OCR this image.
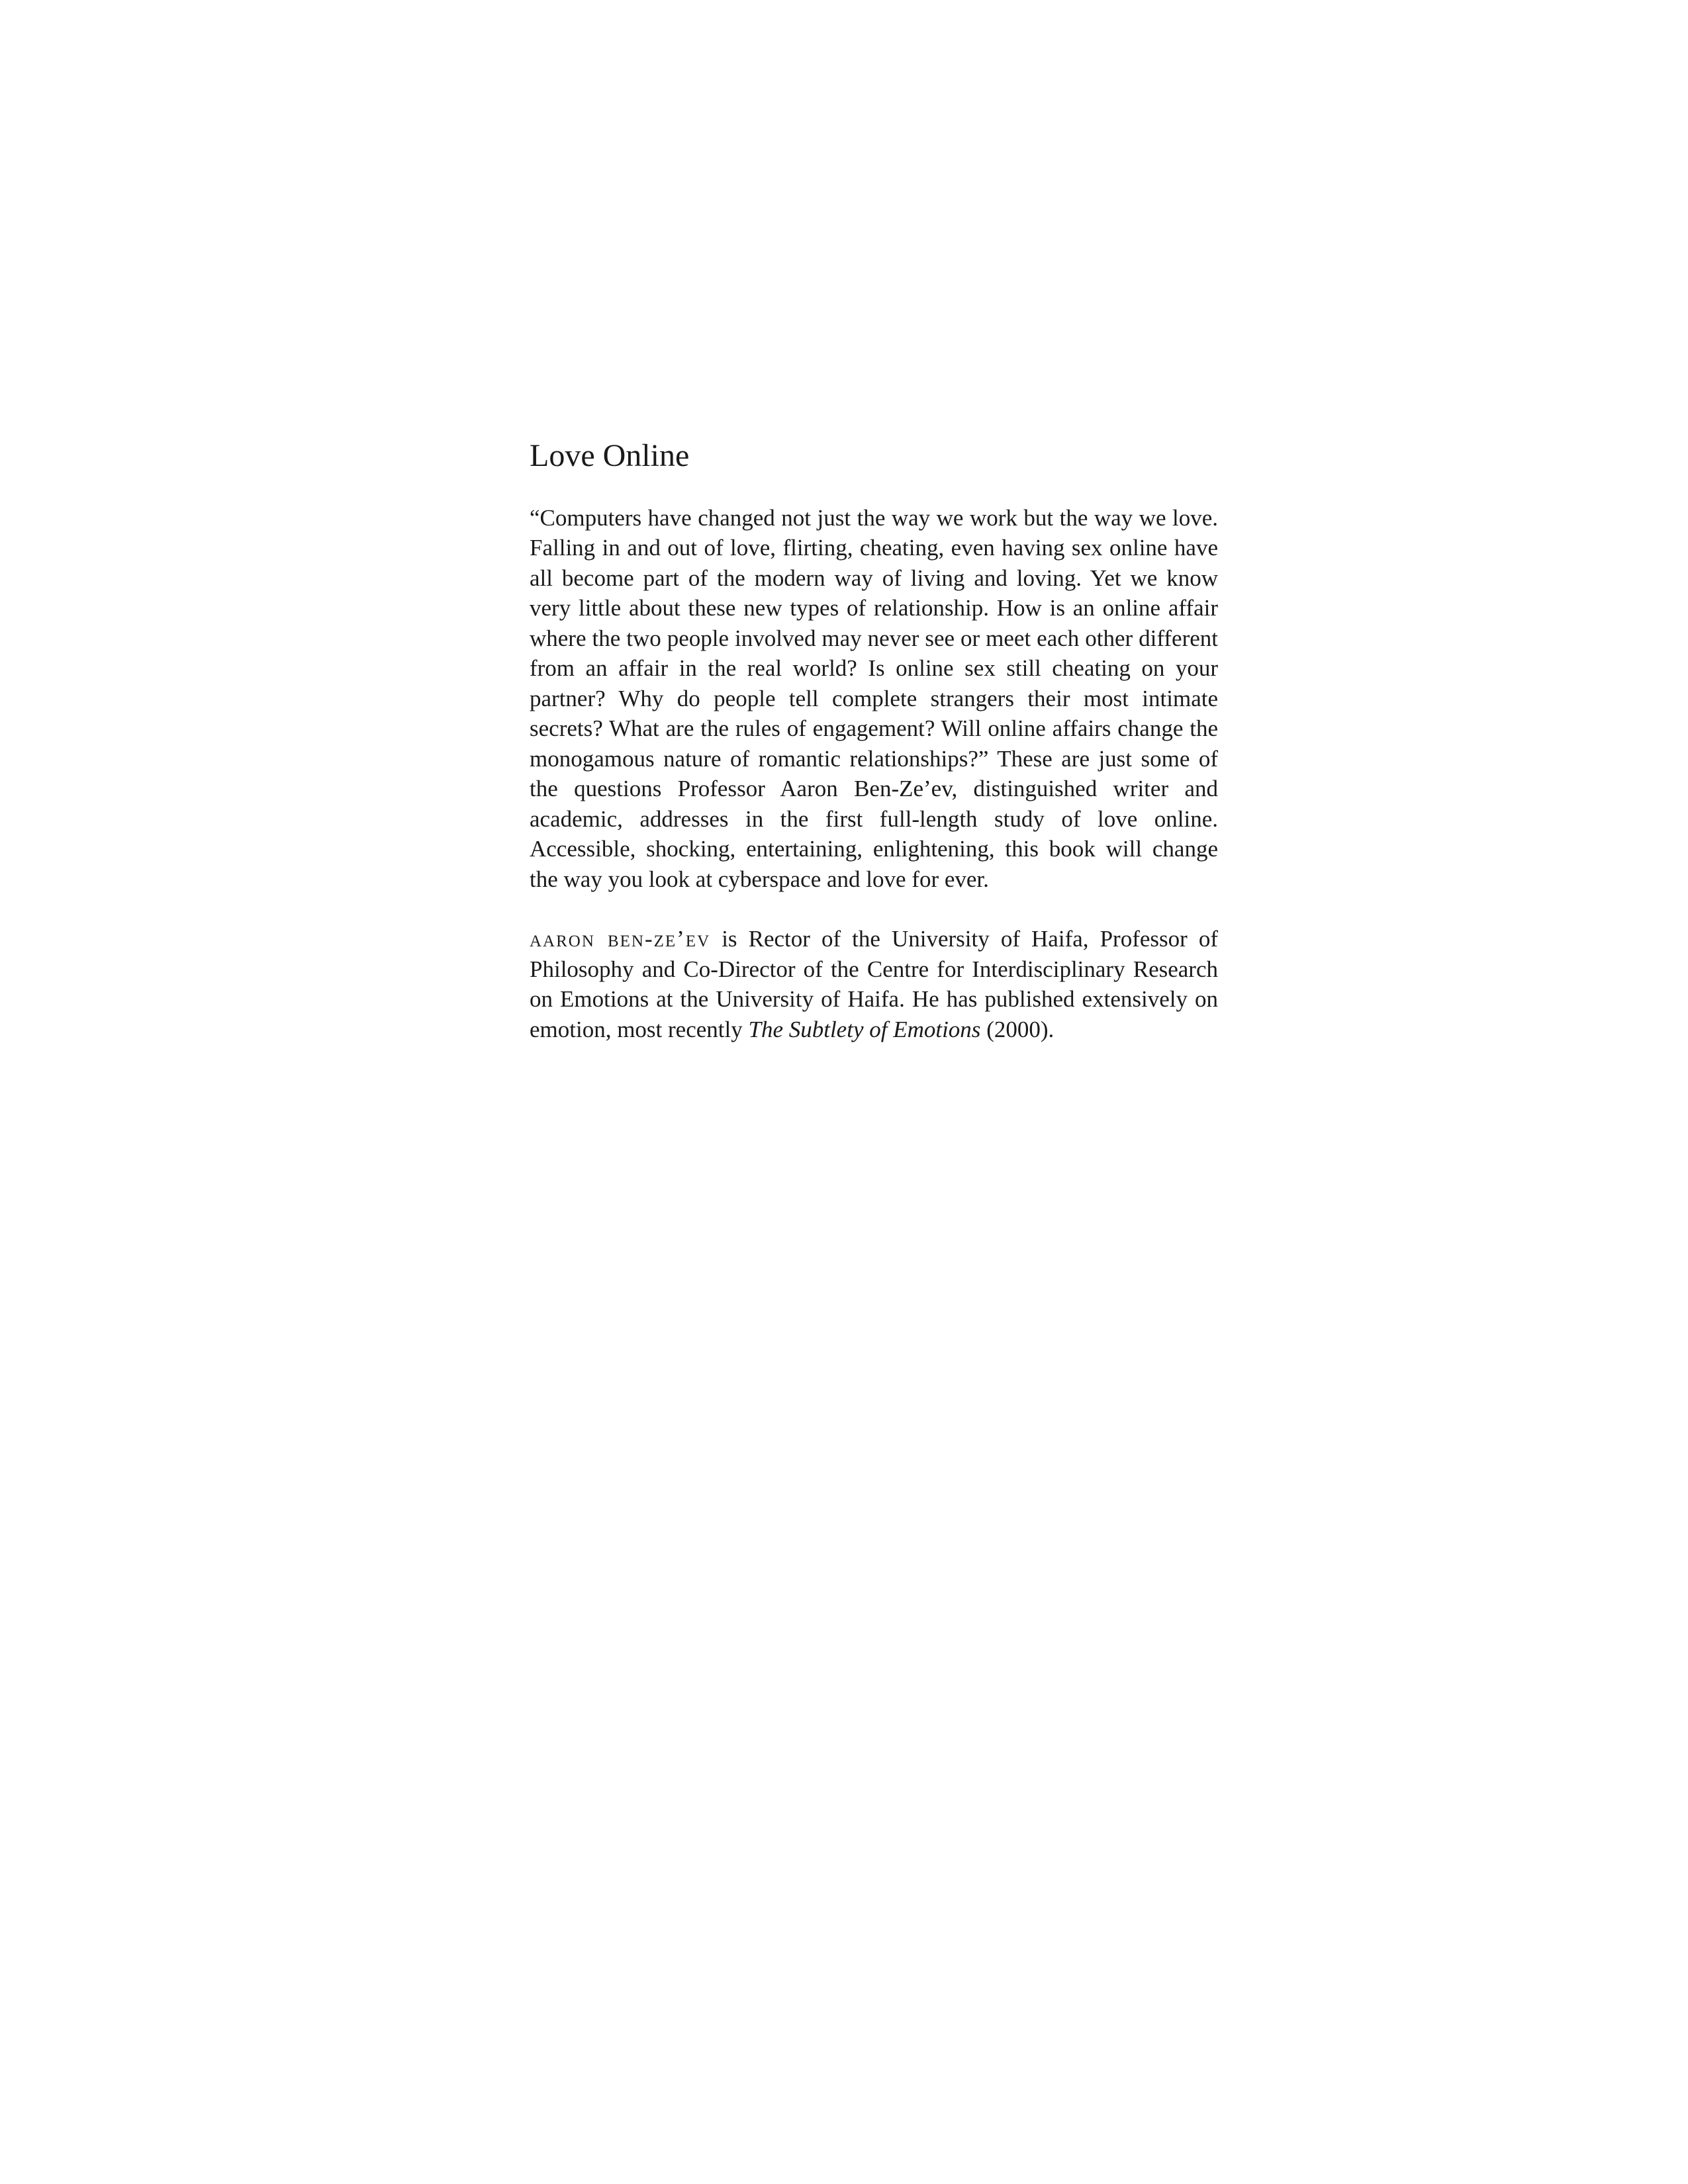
Love Online

“Computers have changed not just the way we work but the way we love. Falling in and out of love, flirting, cheating, even having sex online have all become part of the modern way of living and loving. Yet we know very little about these new types of relationship. How is an online affair where the two people involved may never see or meet each other different from an affair in the real world? Is online sex still cheating on your partner? Why do people tell complete strangers their most intimate secrets? What are the rules of engagement? Will online affairs change the monogamous nature of romantic relationships?” These are just some of the questions Professor Aaron Ben-Ze’ev, distinguished writer and academic, addresses in the first full-length study of love online. Accessible, shocking, entertaining, enlightening, this book will change the way you look at cyberspace and love for ever.

aaron ben-ze’ev is Rector of the University of Haifa, Professor of Philosophy and Co-Director of the Centre for Interdisciplinary Research on Emotions at the University of Haifa. He has published extensively on emotion, most recently The Subtlety of Emotions (2000).
